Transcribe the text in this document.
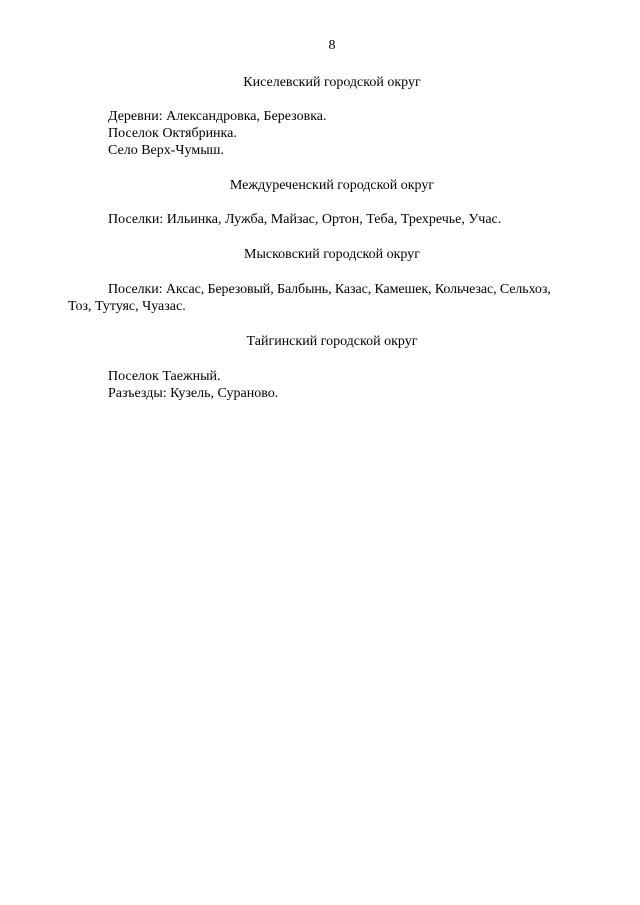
8
Киселевский городской округ
Деревни: Александровка, Березовка.
Поселок Октябринка.
Село Верх-Чумыш.
Междуреченский городской округ
Поселки: Ильинка, Лужба, Майзас, Ортон, Теба, Трехречье, Учас.
Мысковский городской округ
Поселки: Аксас, Березовый, Балбынь, Казас, Камешек, Кольчезас, Сельхоз,
Тоз, Тутуяс, Чуазас.
Тайгинский городской округ
Поселок Таежный.
Разъезды: Кузель, Сураново.
